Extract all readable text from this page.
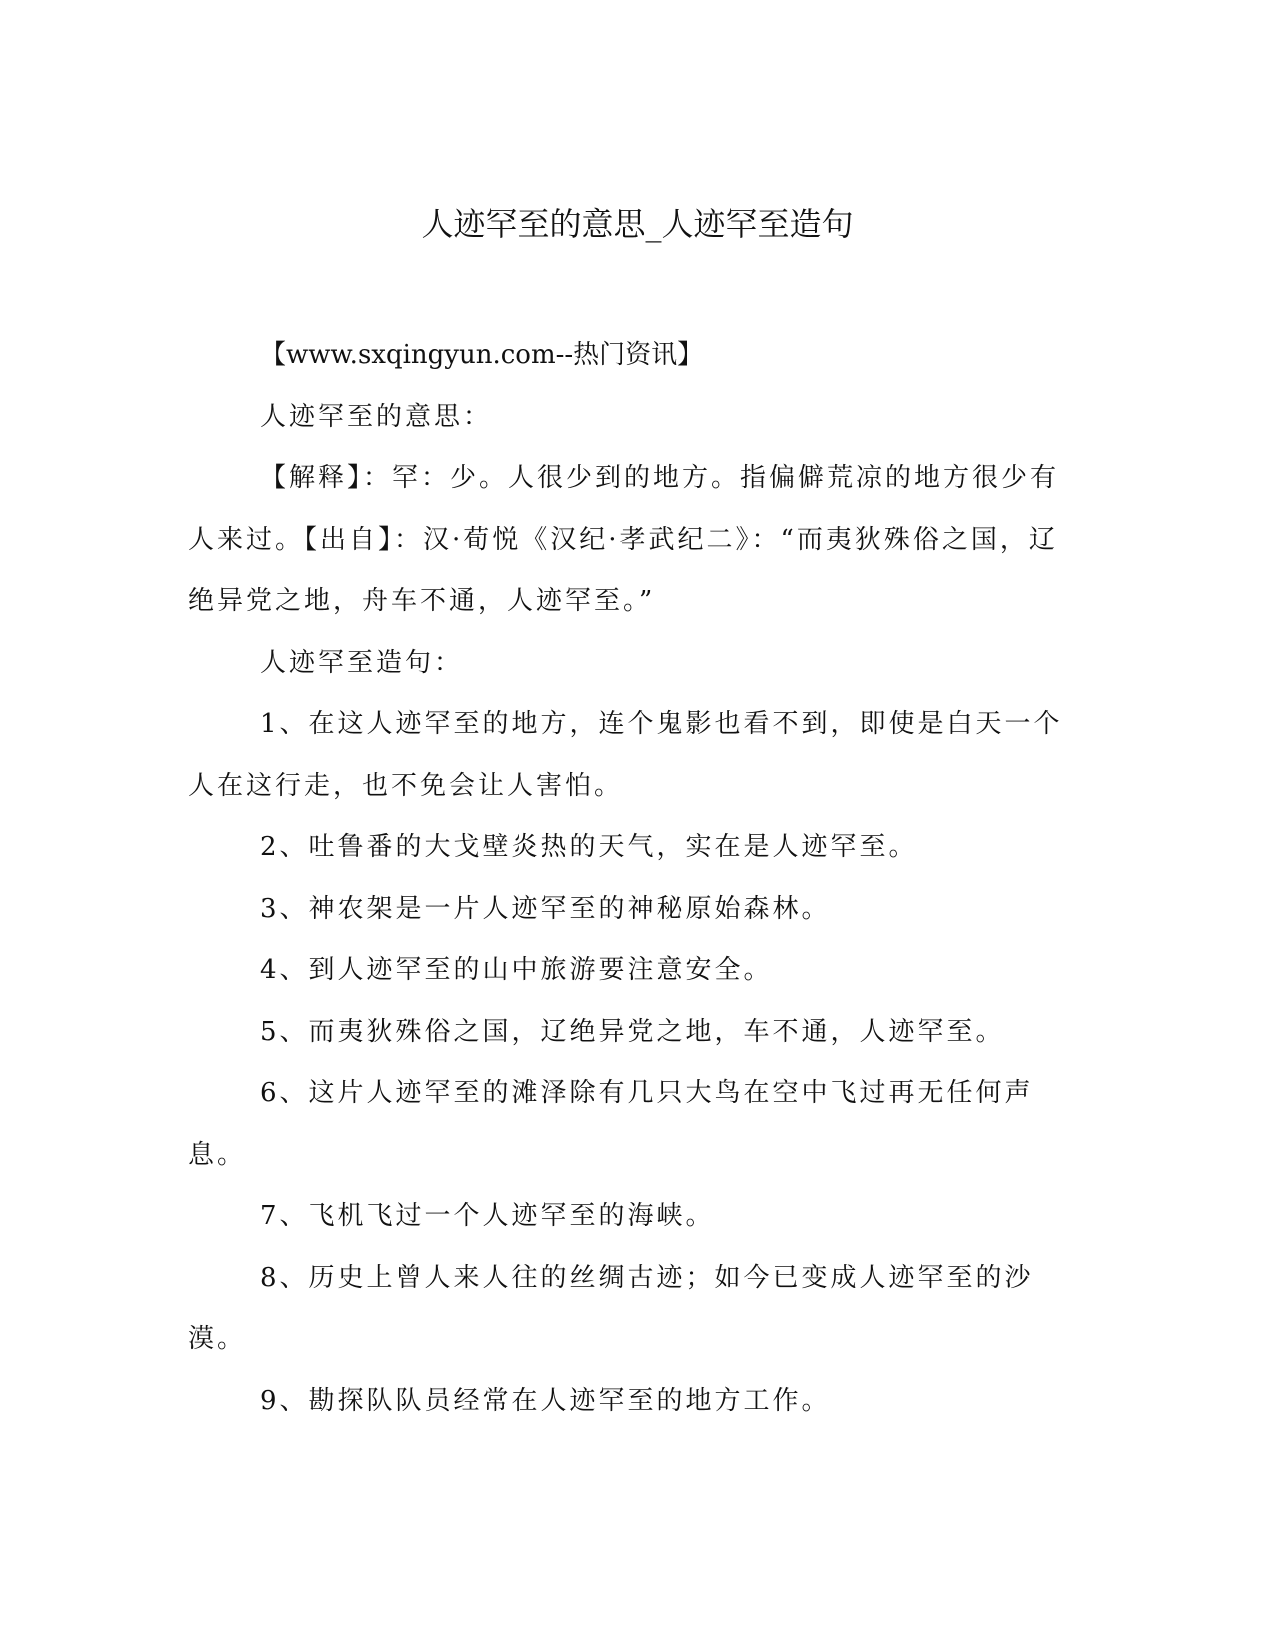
人迹罕至的意思_人迹罕至造句

【www.sxqingyun.com--热门资讯】

人迹罕至的意思：

【解释】：罕：少。人很少到的地方。指偏僻荒凉的地方很少有人来过。【出自】：汉·荀悦《汉纪·孝武纪二》：“而夷狄殊俗之国，辽绝异党之地，舟车不通，人迹罕至。”

人迹罕至造句：

1、在这人迹罕至的地方，连个鬼影也看不到，即使是白天一个人在这行走，也不免会让人害怕。

2、吐鲁番的大戈壁炎热的天气，实在是人迹罕至。

3、神农架是一片人迹罕至的神秘原始森林。

4、到人迹罕至的山中旅游要注意安全。

5、而夷狄殊俗之国，辽绝异党之地，车不通，人迹罕至。

6、这片人迹罕至的滩泽除有几只大鸟在空中飞过再无任何声息。

7、飞机飞过一个人迹罕至的海峡。

8、历史上曾人来人往的丝绸古迹；如今已变成人迹罕至的沙漠。

9、勘探队队员经常在人迹罕至的地方工作。
